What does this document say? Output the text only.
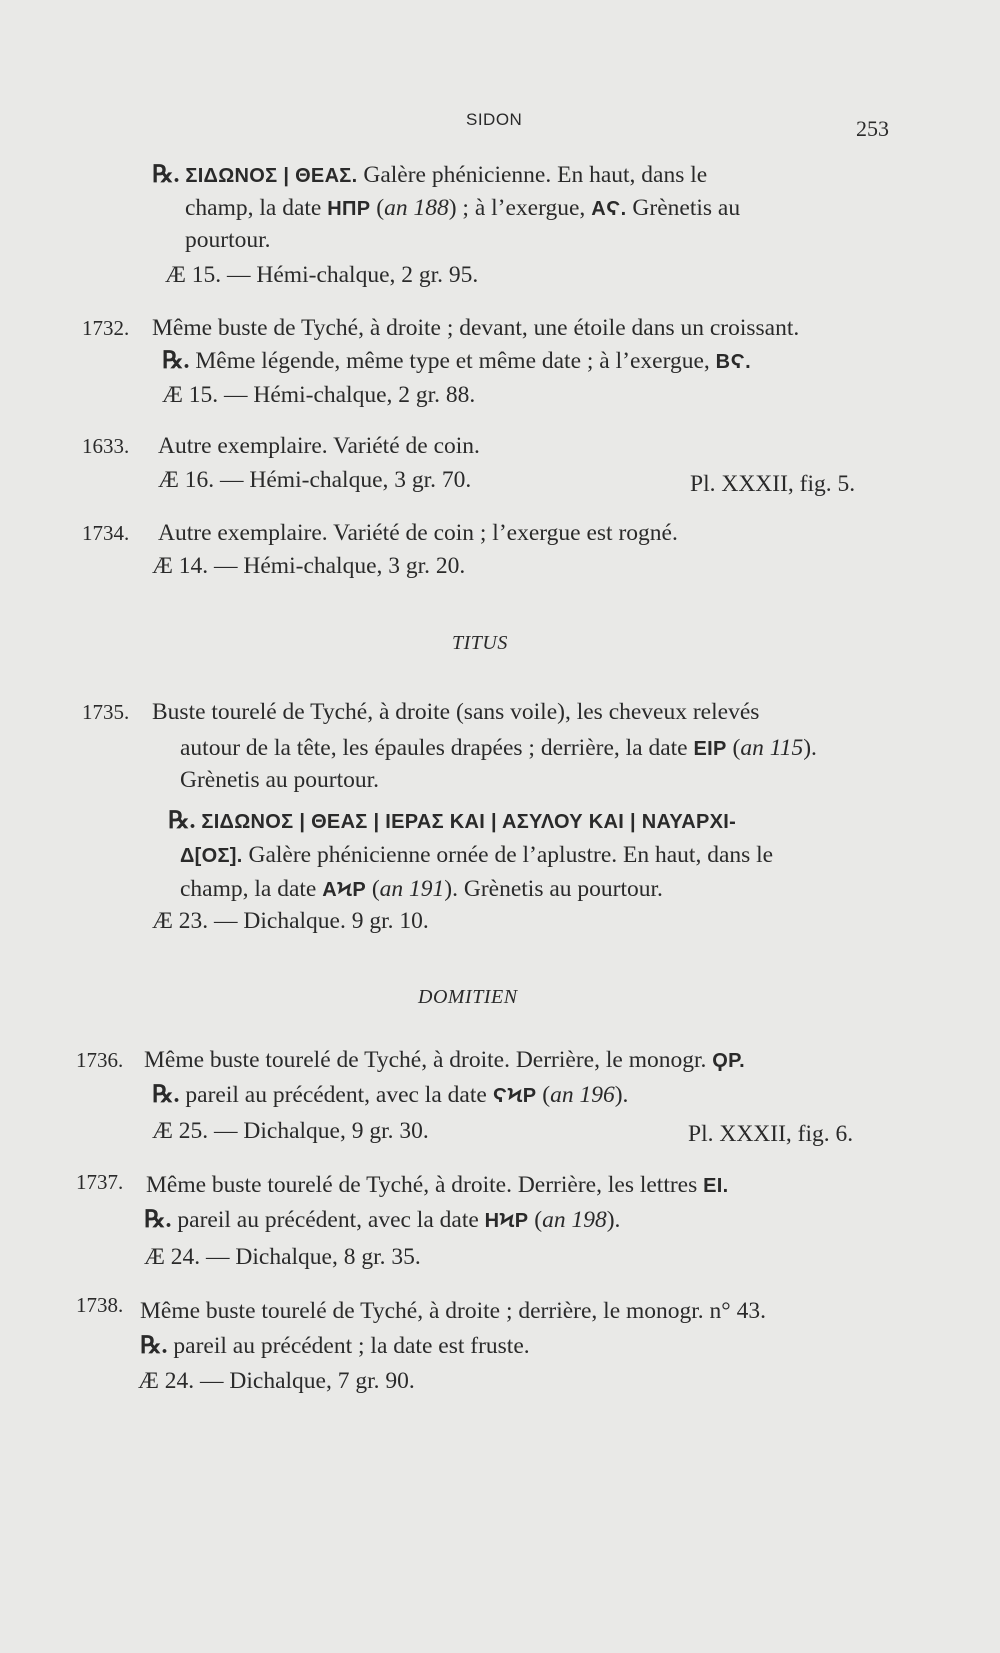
SIDON	253
℞. ΣΙΔΩΝΟΣ | ΘΕΑΣ. Galère phénicienne. En haut, dans le
champ, la date ΗΠΡ (an 188) ; à l’exergue, ΑϚ. Grènetis au
pourtour.
Æ 15. — Hémi-chalque, 2 gr. 95.
1732. Même buste de Tyché, à droite ; devant, une étoile dans un croissant.
℞. Même légende, même type et même date ; à l’exergue, ΒϚ.
Æ 15. — Hémi-chalque, 2 gr. 88.
1633. Autre exemplaire. Variété de coin.
Æ 16. — Hémi-chalque, 3 gr. 70.	Pl. XXXII, fig. 5.
1734. Autre exemplaire. Variété de coin ; l’exergue est rogné.
Æ 14. — Hémi-chalque, 3 gr. 20.
TITUS
1735. Buste tourelé de Tyché, à droite (sans voile), les cheveux relevés
autour de la tête, les épaules drapées ; derrière, la date ΕΙΡ (an 115).
Grènetis au pourtour.
℞. ΣΙΔΩΝΟΣ | ΘΕΑΣ | ΙΕΡΑΣ ΚΑΙ | ΑΣΥΛΟΥ ΚΑΙ | ΝΑΥΑΡΧΙ-
Δ[ΟΣ]. Galère phénicienne ornée de l’aplustre. En haut, dans le
champ, la date ΑϞΡ (an 191). Grènetis au pourtour.
Æ 23. — Dichalque. 9 gr. 10.
DOMITIEN
1736. Même buste tourelé de Tyché, à droite. Derrière, le monogr. ϘP.
℞. pareil au précédent, avec la date ϚϞΡ (an 196).
Æ 25. — Dichalque, 9 gr. 30.	Pl. XXXII, fig. 6.
1737. Même buste tourelé de Tyché, à droite. Derrière, les lettres ΕΙ.
℞. pareil au précédent, avec la date ΗϞΡ (an 198).
Æ 24. — Dichalque, 8 gr. 35.
1738. Même buste tourelé de Tyché, à droite ; derrière, le monogr. n° 43.
℞. pareil au précédent ; la date est fruste.
Æ 24. — Dichalque, 7 gr. 90.
